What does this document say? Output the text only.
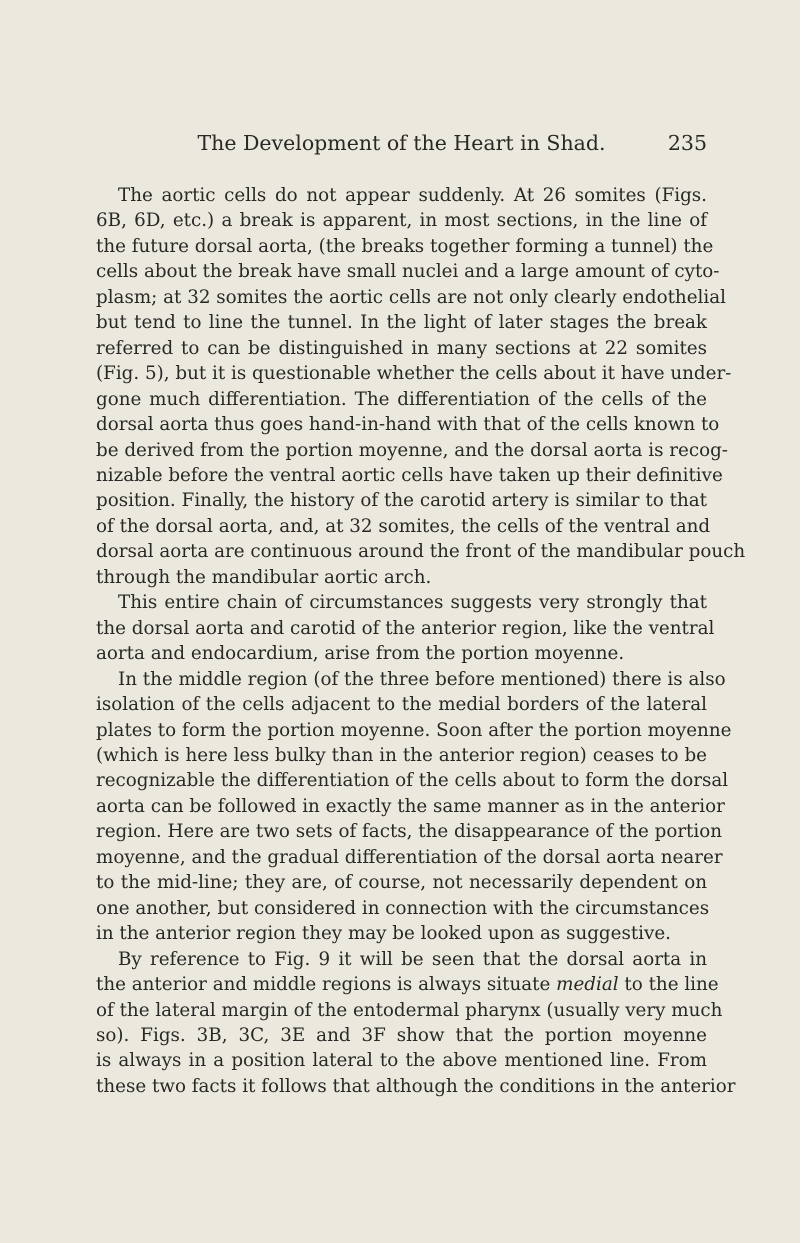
The Development of the Heart in Shad.	235
The aortic cells do not appear suddenly. At 26 somites (Figs.
6B, 6D, etc.) a break is apparent, in most sections, in the line of
the future dorsal aorta, (the breaks together forming a tunnel) the
cells about the break have small nuclei and a large amount of cyto-
plasm; at 32 somites the aortic cells are not only clearly endothelial
but tend to line the tunnel. In the light of later stages the break
referred to can be distinguished in many sections at 22 somites
(Fig. 5), but it is questionable whether the cells about it have under-
gone much differentiation. The differentiation of the cells of the
dorsal aorta thus goes hand-in-hand with that of the cells known to
be derived from the portion moyenne, and the dorsal aorta is recog-
nizable before the ventral aortic cells have taken up their definitive
position. Finally, the history of the carotid artery is similar to that
of the dorsal aorta, and, at 32 somites, the cells of the ventral and
dorsal aorta are continuous around the front of the mandibular pouch
through the mandibular aortic arch.
This entire chain of circumstances suggests very strongly that
the dorsal aorta and carotid of the anterior region, like the ventral
aorta and endocardium, arise from the portion moyenne.
In the middle region (of the three before mentioned) there is also
isolation of the cells adjacent to the medial borders of the lateral
plates to form the portion moyenne. Soon after the portion moyenne
(which is here less bulky than in the anterior region) ceases to be
recognizable the differentiation of the cells about to form the dorsal
aorta can be followed in exactly the same manner as in the anterior
region. Here are two sets of facts, the disappearance of the portion
moyenne, and the gradual differentiation of the dorsal aorta nearer
to the mid-line; they are, of course, not necessarily dependent on
one another, but considered in connection with the circumstances
in the anterior region they may be looked upon as suggestive.
By reference to Fig. 9 it will be seen that the dorsal aorta in
the anterior and middle regions is always situate medial to the line
of the lateral margin of the entodermal pharynx (usually very much
so). Figs. 3B, 3C, 3E and 3F show that the portion moyenne
is always in a position lateral to the above mentioned line. From
these two facts it follows that although the conditions in the anterior
